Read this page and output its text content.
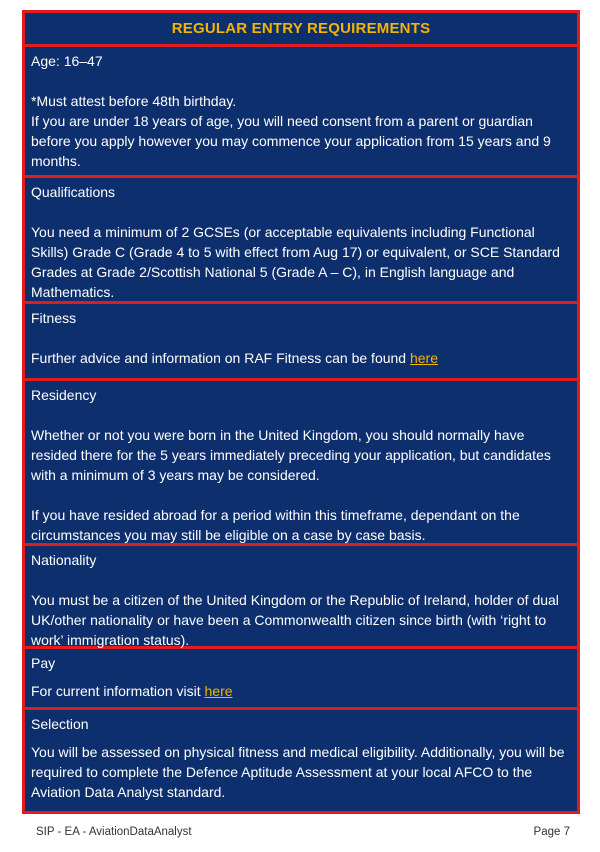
REGULAR ENTRY REQUIREMENTS

Age: 16–47

*Must attest before 48th birthday.

If you are under 18 years of age, you will need consent from a parent or guardian before you apply however you may commence your application from 15 years and 9 months.

Qualifications

You need a minimum of 2 GCSEs (or acceptable equivalents including Functional Skills) Grade C (Grade 4 to 5 with effect from Aug 17) or equivalent, or SCE Standard Grades at Grade 2/Scottish National 5 (Grade A – C), in English language and Mathematics.

Fitness

Further advice and information on RAF Fitness can be found here

Residency

Whether or not you were born in the United Kingdom, you should normally have resided there for the 5 years immediately preceding your application, but candidates with a minimum of 3 years may be considered.

If you have resided abroad for a period within this timeframe, dependant on the circumstances you may still be eligible on a case by case basis.

Nationality

You must be a citizen of the United Kingdom or the Republic of Ireland, holder of dual UK/other nationality or have been a Commonwealth citizen since birth (with ‘right to work’ immigration status).

Pay

For current information visit here

Selection

You will be assessed on physical fitness and medical eligibility. Additionally, you will be required to complete the Defence Aptitude Assessment at your local AFCO to the Aviation Data Analyst standard.

SIP - EA - AviationDataAnalyst	Page 7
